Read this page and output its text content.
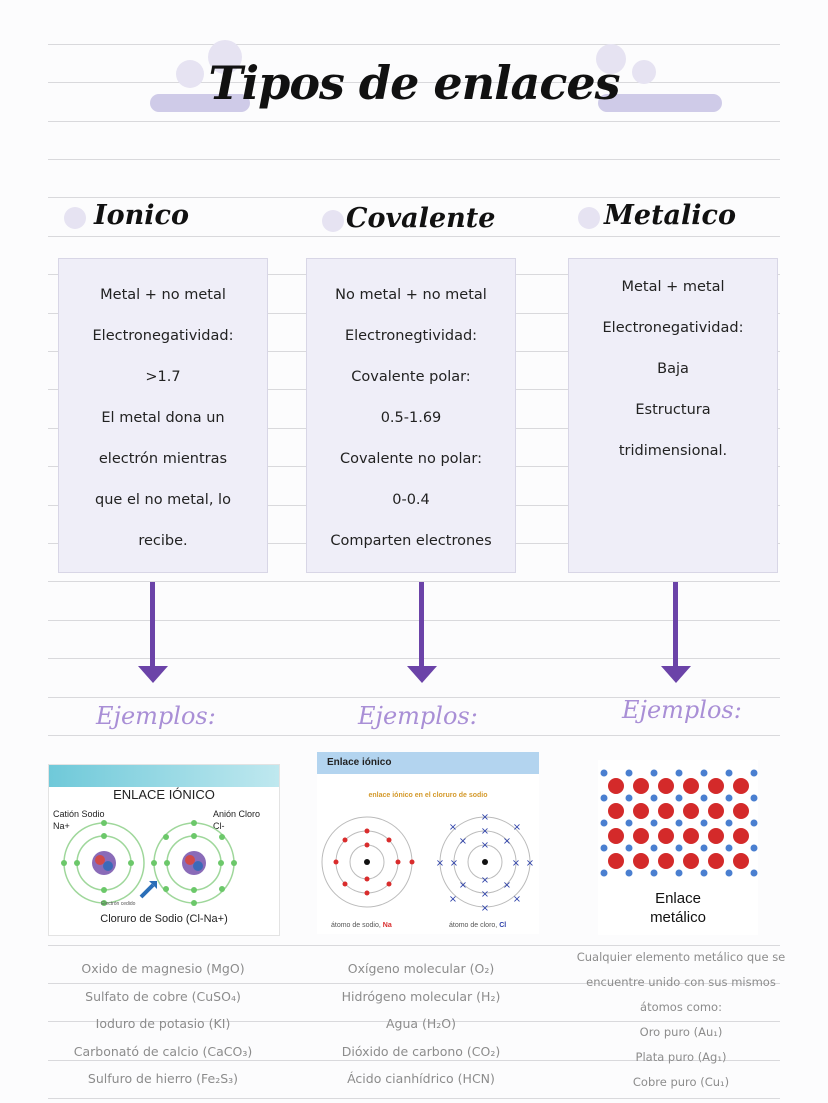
Tipos de enlaces
Ionico	Covalente	Metalico
Metal + no metal
Electronegatividad:
>1.7
El metal dona un
electrón mientras
que el no metal, lo
recibe.
No metal + no metal
Electronegtividad:
Covalente polar:
0.5-1.69
Covalente no polar:
0-0.4
Comparten electrones
Metal + metal
Electronegatividad:
Baja
Estructura
tridimensional.
Ejemplos:	Ejemplos:	Ejemplos:
ENLACE IÓNICO
Catión Sodio
Na+
Anión Cloro
Cl-
Electrón cedido
Cloruro de Sodio (Cl-Na+)
Enlace iónico
enlace iónico en el cloruro de sodio
×
×
×
×
×	×
×	×
×	×
×
×
×	×
×	×
×	×
átomo de sodio, Na	átomo de cloro, Cl
Enlace
metálico
Oxido de magnesio (MgO)
Sulfato de cobre (CuSO₄)
Ioduro de potasio (KI)
Carbonató de calcio (CaCO₃)
Sulfuro de hierro (Fe₂S₃)
Oxígeno molecular (O₂)
Hidrógeno molecular (H₂)
Agua (H₂O)
Dióxido de carbono (CO₂)
Ácido cianhídrico (HCN)
Cualquier elemento metálico que se
encuentre unido con sus mismos
átomos como:
Oro puro (Au₁)
Plata puro (Ag₁)
Cobre puro (Cu₁)
